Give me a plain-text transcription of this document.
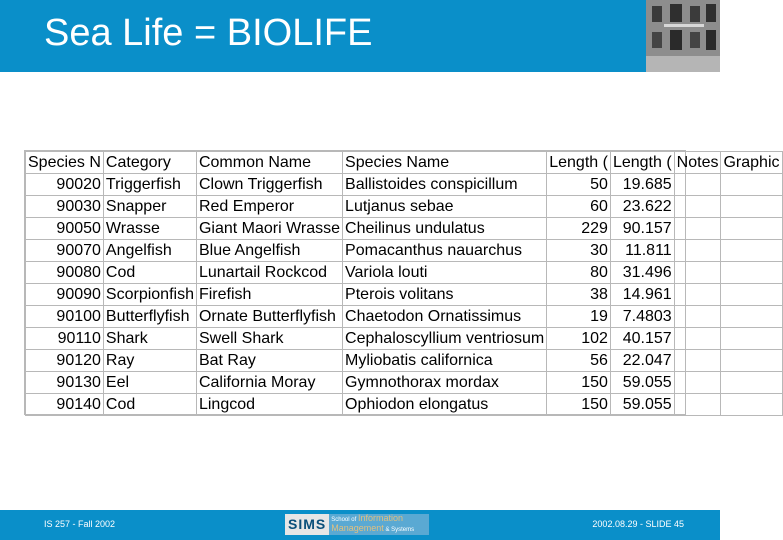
Sea Life = BIOLIFE
Species N	Category	Common Name	Species Name	Length (	Length (	Notes	Graphic
90020	Triggerfish	Clown Triggerfish	Ballistoides conspicillum	50	19.685		
90030	Snapper	Red Emperor	Lutjanus sebae	60	23.622		
90050	Wrasse	Giant Maori Wrasse	Cheilinus undulatus	229	90.157		
90070	Angelfish	Blue Angelfish	Pomacanthus nauarchus	30	11.811		
90080	Cod	Lunartail Rockcod	Variola louti	80	31.496		
90090	Scorpionfish	Firefish	Pterois volitans	38	14.961		
90100	Butterflyfish	Ornate Butterflyfish	Chaetodon Ornatissimus	19	7.4803		
90110	Shark	Swell Shark	Cephaloscyllium ventriosum	102	40.157		
90120	Ray	Bat Ray	Myliobatis californica	56	22.047		
90130	Eel	California Moray	Gymnothorax mordax	150	59.055		
90140	Cod	Lingcod	Ophiodon elongatus	150	59.055		
IS 257 - Fall 2002	SIMS School of Information
Management & Systems
2002.08.29 - SLIDE 45
